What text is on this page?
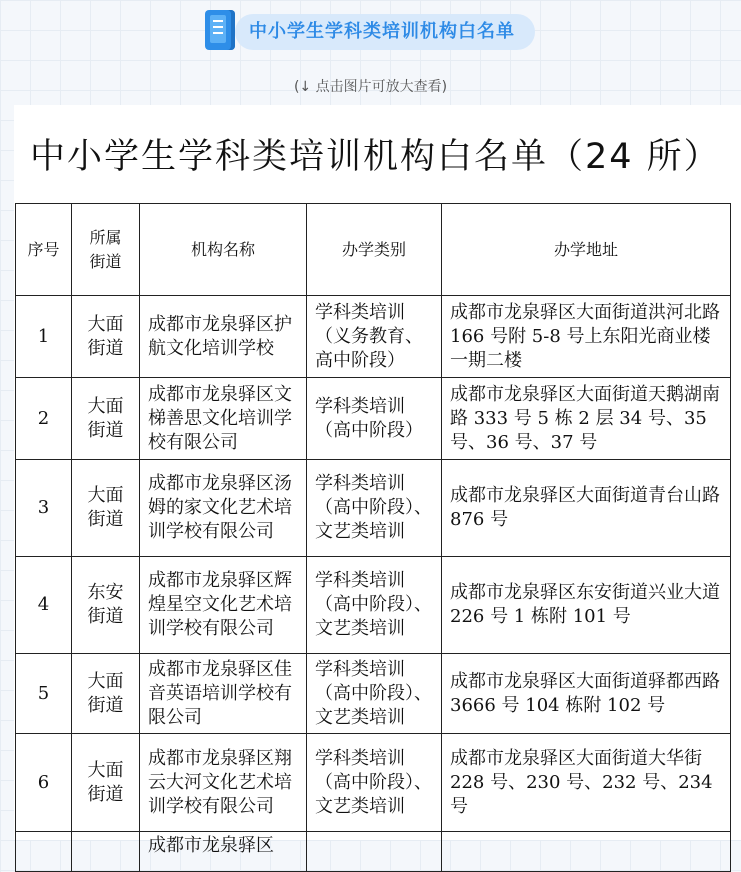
中小学生学科类培训机构白名单
(↓ 点击图片可放大查看)
中小学生学科类培训机构白名单（24 所）
序号	所属街道	机构名称	办学类别	办学地址
1	大面街道	成都市龙泉驿区护航文化培训学校	学科类培训（义务教育、高中阶段）	成都市龙泉驿区大面街道洪河北路 166 号附 5-8 号上东阳光商业楼一期二楼
2	大面街道	成都市龙泉驿区文梯善思文化培训学校有限公司	学科类培训（高中阶段）	成都市龙泉驿区大面街道天鹅湖南路 333 号 5 栋 2 层 34 号、35 号、36 号、37 号
3	大面街道	成都市龙泉驿区汤姆的家文化艺术培训学校有限公司	学科类培训（高中阶段）、文艺类培训	成都市龙泉驿区大面街道青台山路 876 号
4	东安街道	成都市龙泉驿区辉煌星空文化艺术培训学校有限公司	学科类培训（高中阶段）、文艺类培训	成都市龙泉驿区东安街道兴业大道 226 号 1 栋附 101 号
5	大面街道	成都市龙泉驿区佳音英语培训学校有限公司	学科类培训（高中阶段）、文艺类培训	成都市龙泉驿区大面街道驿都西路 3666 号 104 栋附 102 号
6	大面街道	成都市龙泉驿区翔云大河文化艺术培训学校有限公司	学科类培训（高中阶段）、文艺类培训	成都市龙泉驿区大面街道大华街 228 号、230 号、232 号、234 号
		成都市龙泉驿区		
